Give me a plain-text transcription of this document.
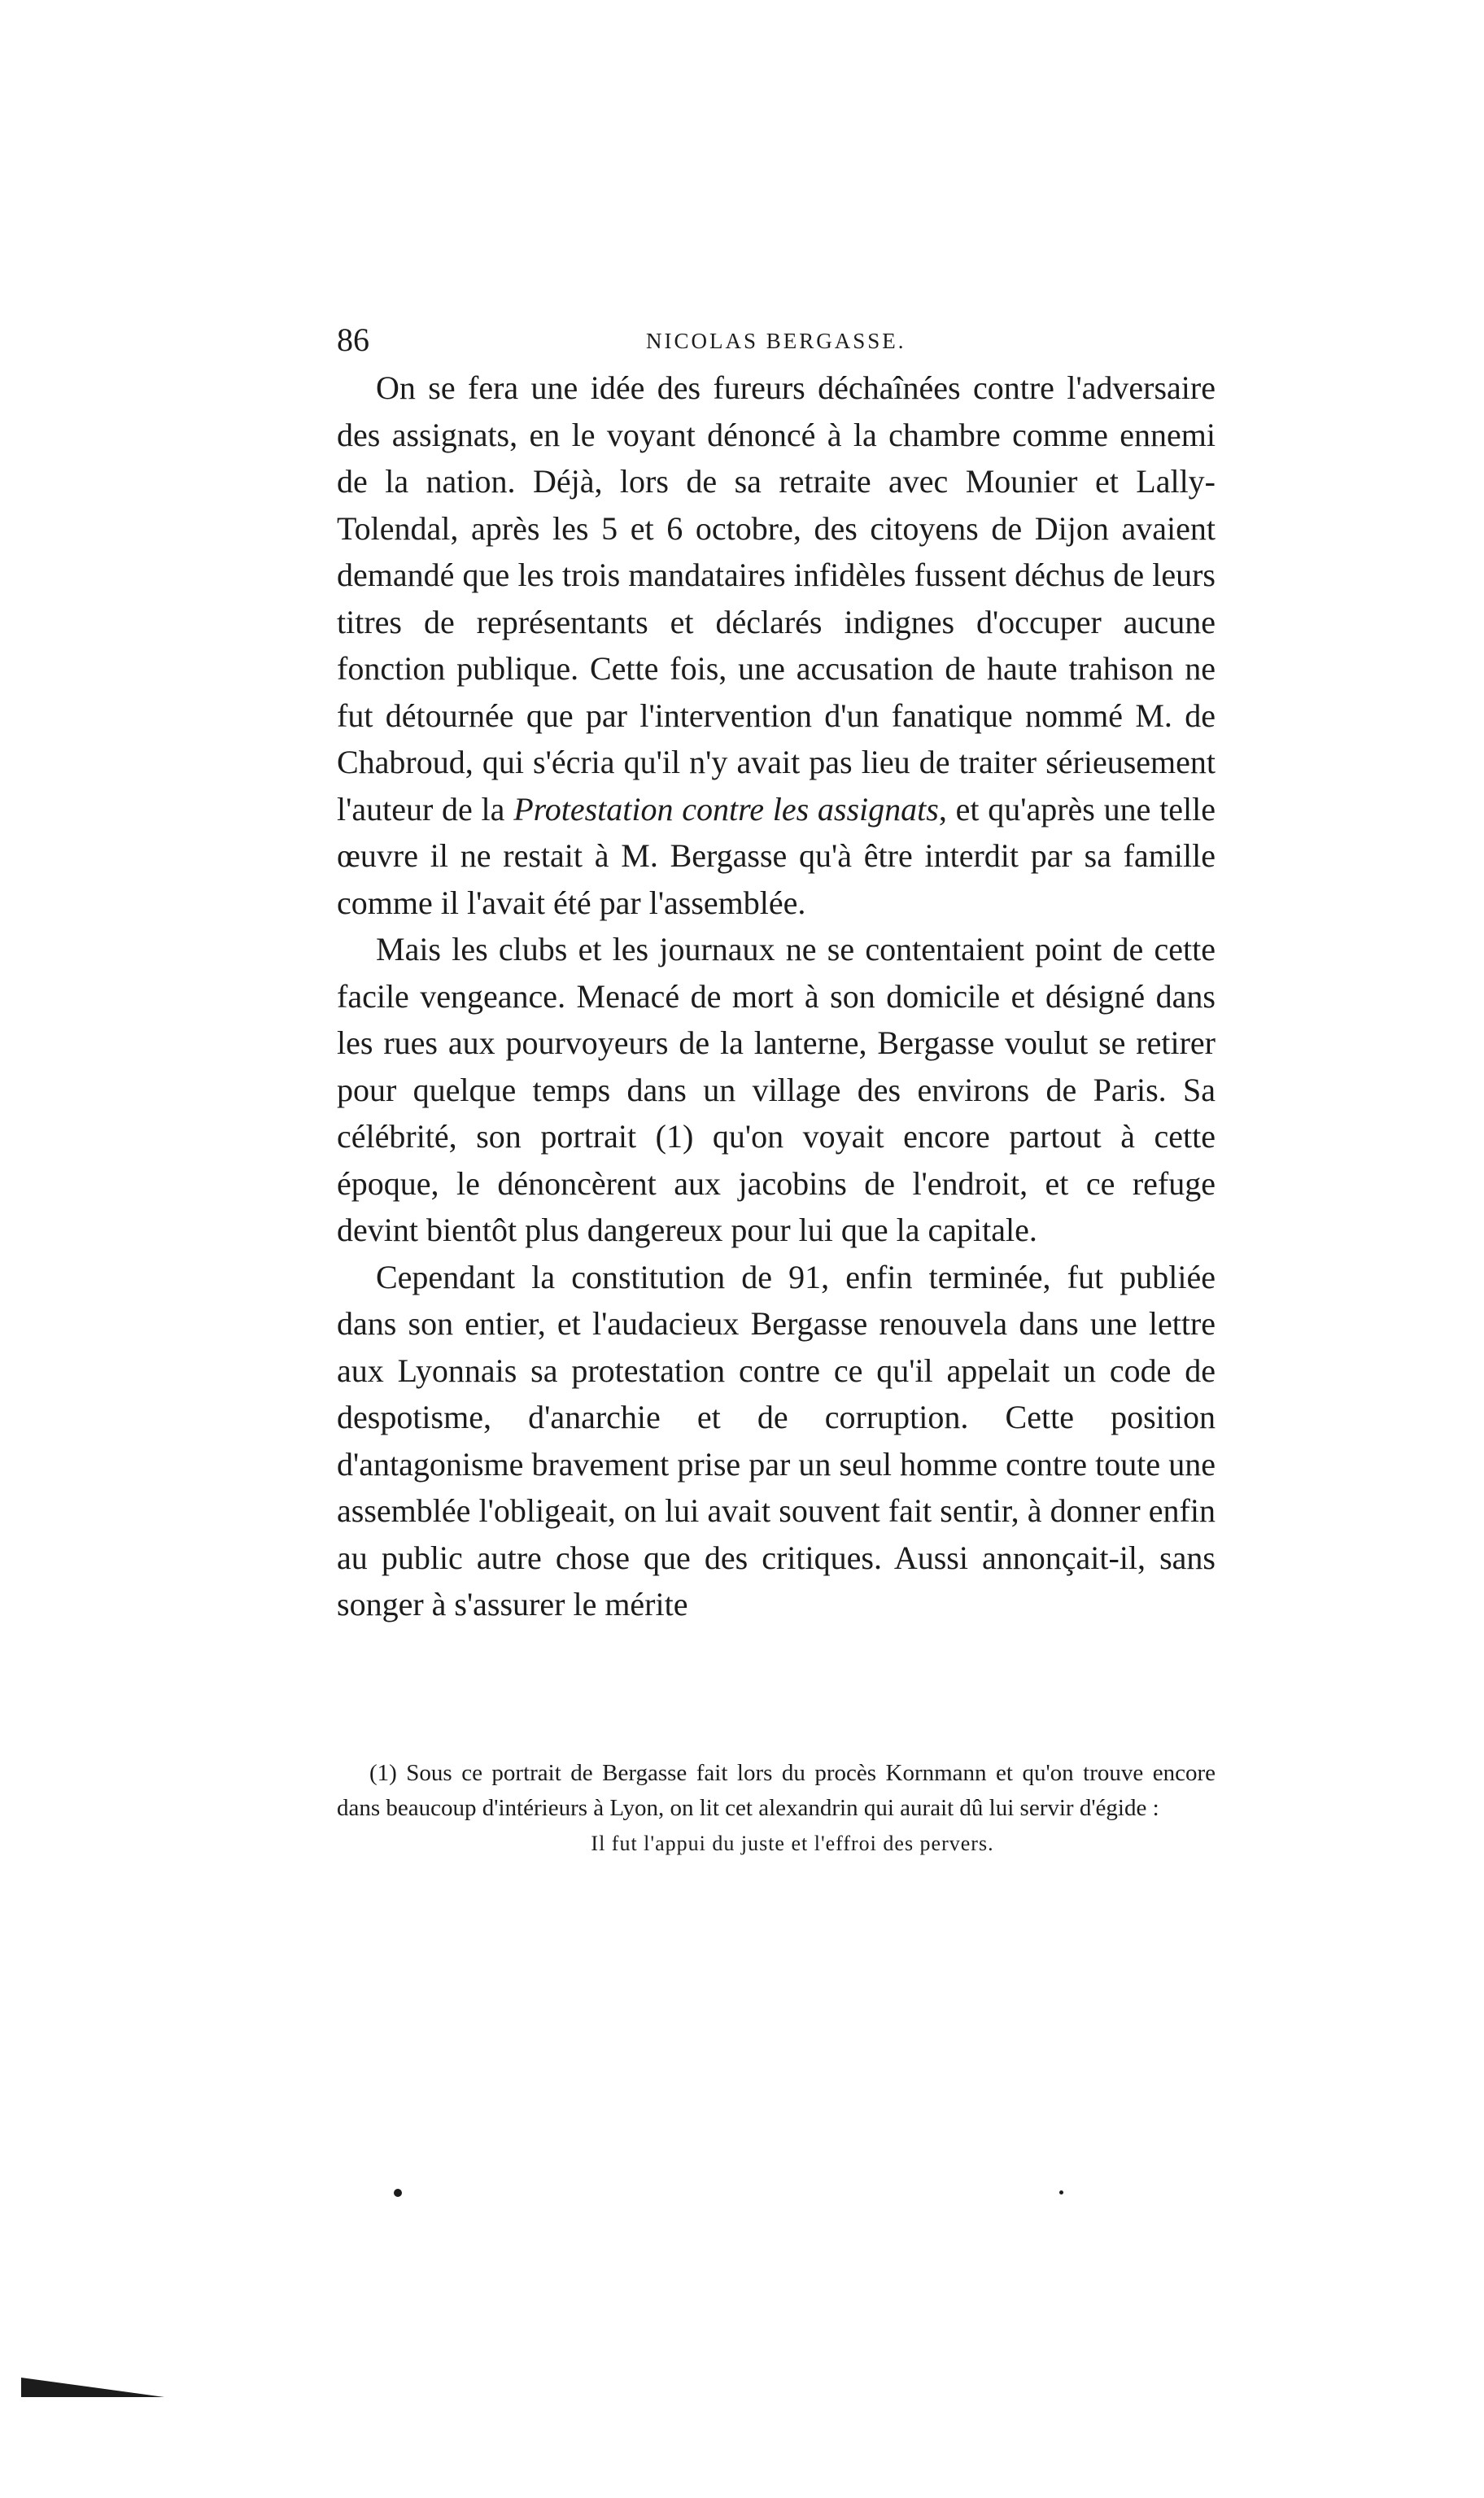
86	NICOLAS BERGASSE.

On se fera une idée des fureurs déchaînées contre l'adversaire des assignats, en le voyant dénoncé à la chambre comme ennemi de la nation. Déjà, lors de sa retraite avec Mounier et Lally-Tolendal, après les 5 et 6 octobre, des citoyens de Dijon avaient demandé que les trois mandataires infidèles fussent déchus de leurs titres de représentants et déclarés indignes d'occuper aucune fonction publique. Cette fois, une accusation de haute trahison ne fut détournée que par l'intervention d'un fanatique nommé M. de Chabroud, qui s'écria qu'il n'y avait pas lieu de traiter sérieusement l'auteur de la Protestation contre les assignats, et qu'après une telle œuvre il ne restait à M. Bergasse qu'à être interdit par sa famille comme il l'avait été par l'assemblée.

Mais les clubs et les journaux ne se contentaient point de cette facile vengeance. Menacé de mort à son domicile et désigné dans les rues aux pourvoyeurs de la lanterne, Bergasse voulut se retirer pour quelque temps dans un village des environs de Paris. Sa célébrité, son portrait (1) qu'on voyait encore partout à cette époque, le dénoncèrent aux jacobins de l'endroit, et ce refuge devint bientôt plus dangereux pour lui que la capitale.

Cependant la constitution de 91, enfin terminée, fut publiée dans son entier, et l'audacieux Bergasse renouvela dans une lettre aux Lyonnais sa protestation contre ce qu'il appelait un code de despotisme, d'anarchie et de corruption. Cette position d'antagonisme bravement prise par un seul homme contre toute une assemblée l'obligeait, on lui avait souvent fait sentir, à donner enfin au public autre chose que des critiques. Aussi annonçait-il, sans songer à s'assurer le mérite

(1) Sous ce portrait de Bergasse fait lors du procès Kornmann et qu'on trouve encore dans beaucoup d'intérieurs à Lyon, on lit cet alexandrin qui aurait dû lui servir d'égide :

Il fut l'appui du juste et l'effroi des pervers.
